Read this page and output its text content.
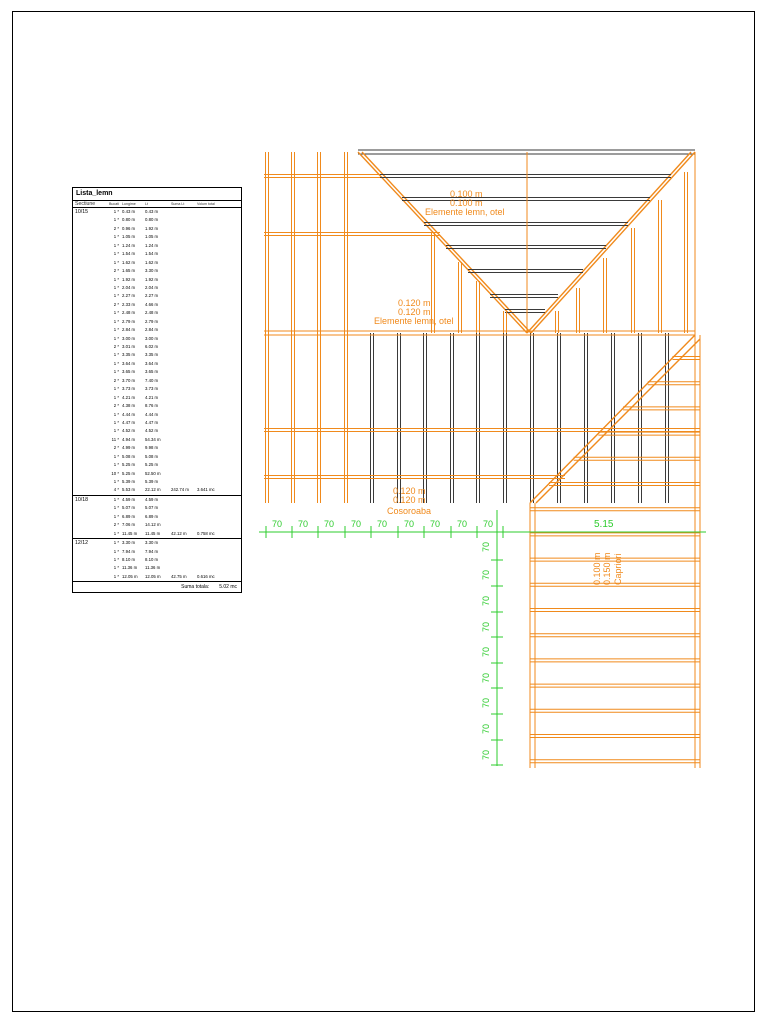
70 70 70 70 70 70 70 70 70	5.15
70
70
70
70
70
70
70
70
70
0.100 m
0.100 m
Elemente lemn, otel
0.120 m
0.120 m
Elemente lemn, otel
0.120 m
0.120 m
Cosoroaba
0.100 m 0.150 m Capriori
Lista_lemn
Sectiune	Bucati Lungime	Lt	Suma Lt	Volum total
10/15	1 * 0.43 m	0.43 m
1 * 0.80 m	0.80 m
2 * 0.96 m	1.92 m
1 * 1.05 m	1.05 m
1 * 1.24 m	1.24 m
1 * 1.54 m	1.54 m
1 * 1.62 m	1.62 m
2 * 1.65 m	3.30 m
1 * 1.92 m	1.92 m
1 * 2.04 m	2.04 m
1 * 2.27 m	2.27 m
2 * 2.33 m	4.66 m
1 * 2.48 m	2.48 m
1 * 2.79 m	2.79 m
1 * 2.84 m	2.84 m
1 * 3.00 m	3.00 m
2 * 3.01 m	6.02 m
1 * 3.35 m	3.35 m
1 * 3.64 m	3.64 m
1 * 3.65 m	3.65 m
2 * 3.70 m	7.40 m
1 * 3.73 m	3.73 m
1 * 4.21 m	4.21 m
2 * 4.38 m	8.76 m
1 * 4.44 m	4.44 m
1 * 4.47 m	4.47 m
1 * 4.52 m	4.52 m
11 * 4.94 m	54.34 m
2 * 4.99 m	9.98 m
1 * 5.08 m	5.08 m
1 * 5.25 m	5.25 m
10 * 5.25 m	52.50 m
1 * 5.39 m	5.39 m
4 * 5.53 m	22.12 m	242.74 m	3.641 mc
10/18	1 * 4.59 m	4.59 m
1 * 5.07 m	5.07 m
1 * 6.89 m	6.89 m
2 * 7.06 m	14.12 m
1 * 11.45 m	11.45 m	42.12 m	0.758 mc
12/12	1 * 3.30 m	3.30 m
1 * 7.94 m	7.94 m
1 * 8.10 m	8.10 m
1 * 11.36 m	11.36 m
1 * 12.05 m	12.05 m	42.75 m	0.616 mc
Suma totala: 5.02 mc
